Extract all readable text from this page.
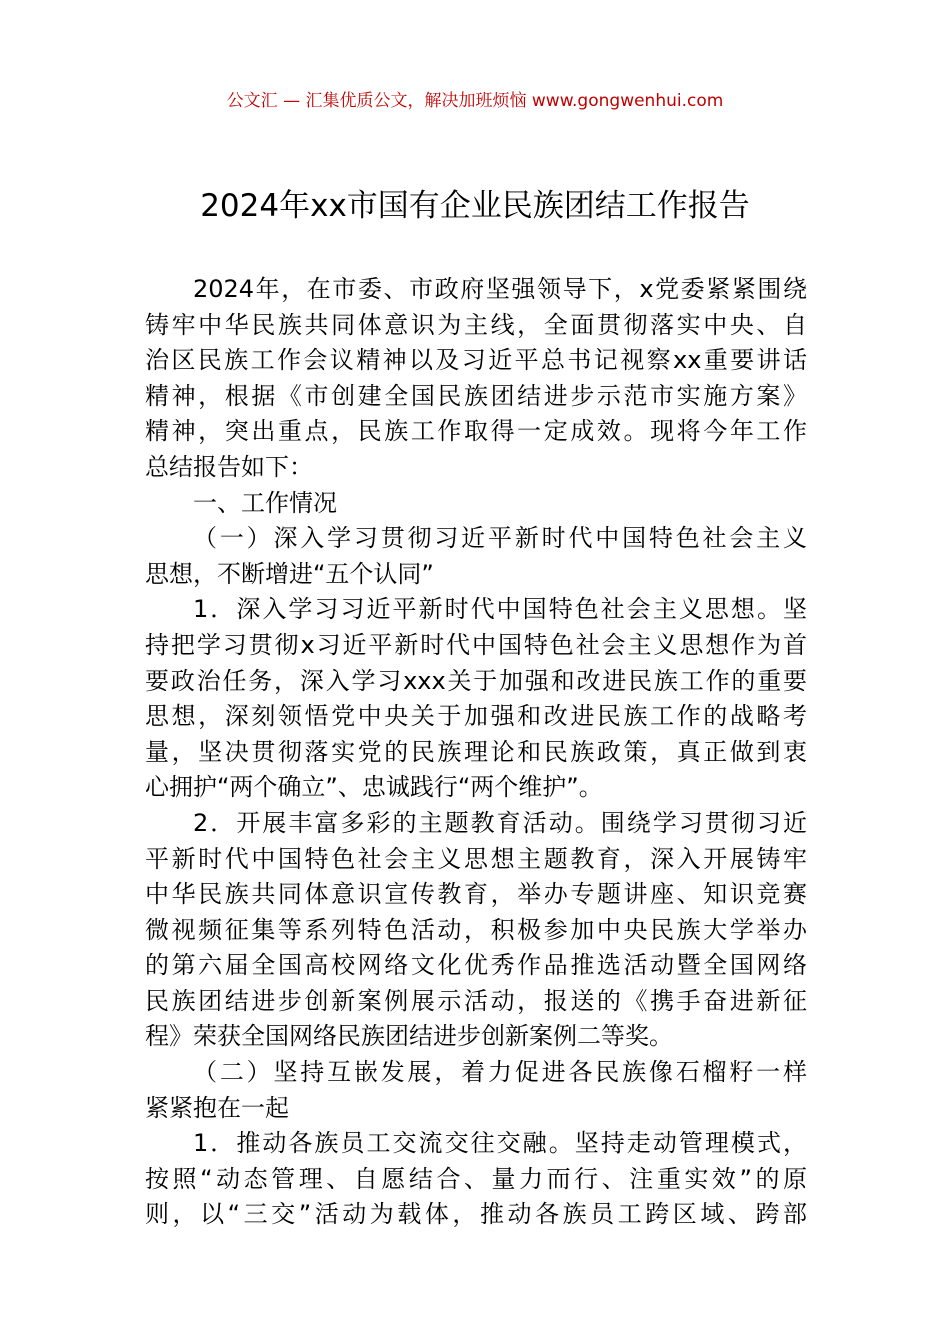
公文汇 — 汇集优质公文，解决加班烦恼 www.gongwenhui.com
2024年xx市国有企业民族团结工作报告
2024年，在市委、市政府坚强领导下，x党委紧紧围绕
铸牢中华民族共同体意识为主线，全面贯彻落实中央、自
治区民族工作会议精神以及习近平总书记视察xx重要讲话
精神，根据《市创建全国民族团结进步示范市实施方案》
精神，突出重点，民族工作取得一定成效。现将今年工作
总结报告如下：
一、工作情况
（一）深入学习贯彻习近平新时代中国特色社会主义
思想，不断增进“五个认同”
1．深入学习习近平新时代中国特色社会主义思想。坚
持把学习贯彻x习近平新时代中国特色社会主义思想作为首
要政治任务，深入学习xxx关于加强和改进民族工作的重要
思想，深刻领悟党中央关于加强和改进民族工作的战略考
量，坚决贯彻落实党的民族理论和民族政策，真正做到衷
心拥护“两个确立”、忠诚践行“两个维护”。
2．开展丰富多彩的主题教育活动。围绕学习贯彻习近
平新时代中国特色社会主义思想主题教育，深入开展铸牢
中华民族共同体意识宣传教育，举办专题讲座、知识竞赛
微视频征集等系列特色活动，积极参加中央民族大学举办
的第六届全国高校网络文化优秀作品推选活动暨全国网络
民族团结进步创新案例展示活动，报送的《携手奋进新征
程》荣获全国网络民族团结进步创新案例二等奖。
（二）坚持互嵌发展，着力促进各民族像石榴籽一样
紧紧抱在一起
1．推动各族员工交流交往交融。坚持走动管理模式，
按照“动态管理、自愿结合、量力而行、注重实效”的原
则，以“三交”活动为载体，推动各族员工跨区域、跨部
